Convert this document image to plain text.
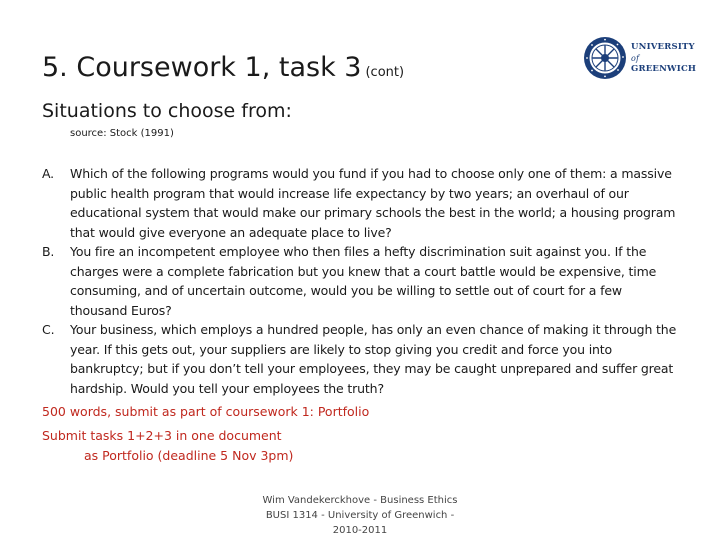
5. Coursework 1, task 3 (cont)
UNIVERSITY
of
GREENWICH
Situations to choose from:
source: Stock (1991)
A.	Which of the following programs would you fund if you had to choose only one of them: a massive public health program that would increase life expectancy by two years; an overhaul of our educational system that would make our primary schools the best in the world; a housing program that would give everyone an adequate place to live?
B.	You fire an incompetent employee who then files a hefty discrimination suit against you. If the charges were a complete fabrication but you knew that a court battle would be expensive, time consuming, and of uncertain outcome, would you be willing to settle out of court for a few thousand Euros?
C.	Your business, which employs a hundred people, has only an even chance of making it through the year. If this gets out, your suppliers are likely to stop giving you credit and force you into bankruptcy; but if you don’t tell your employees, they may be caught unprepared and suffer great hardship. Would you tell your employees the truth?
500 words, submit as part of coursework 1: Portfolio
Submit tasks 1+2+3 in one document
as Portfolio (deadline 5 Nov 3pm)
Wim Vandekerckhove - Business Ethics
BUSI 1314 - University of Greenwich -
2010-2011
